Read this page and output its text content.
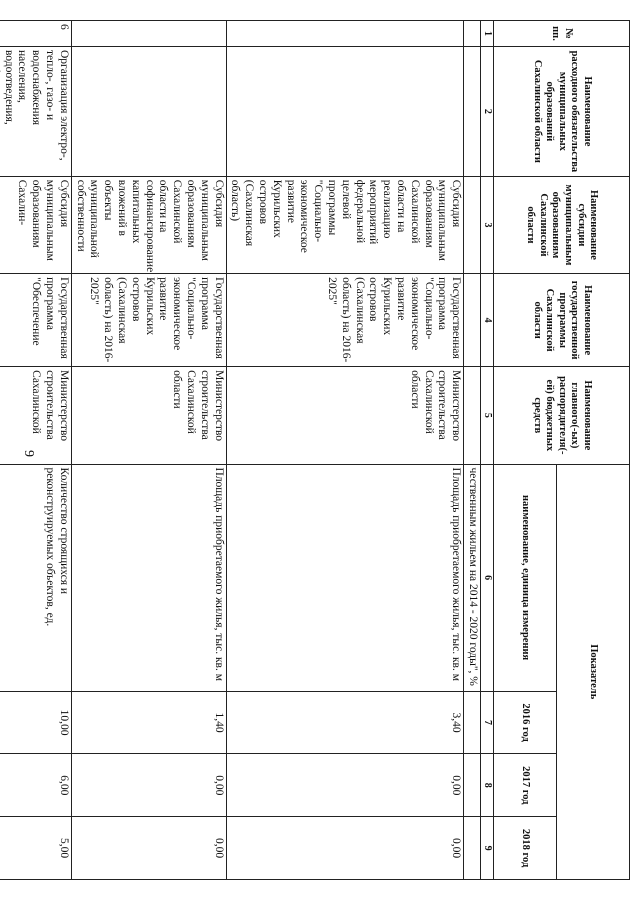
9
№ пп.	Наименование расходного обязательства муниципальных образований Сахалинской области	Наименование субсидии муниципальным образованиям Сахалинской области	Наименование государственной программы Сахалинской области	Наименование главного(-ых) распорядителя(-ей) бюджетных средств	Показатель			
					наименование, единица измерения	2016 год	2017 год	2018 год
1	2	3	4	5	6	7	8	9
					чественным жильем на 2014 - 2020 годы", %			
		Субсидия муниципальным образованиям Сахалинской области на реализацию мероприятий федеральной целевой программы "Социально-экономическое развитие Курильских островов (Сахалинская область)	Государственная программа "Социально-экономическое развитие Курильских островов (Сахалинская область) на 2016-2025"	Министерство строительства Сахалинской области	Площадь приобретаемого жилья, тыс. кв. м	3,40	0,00	0,00
		Субсидия муниципальным образованиям Сахалинской области на софинансирование капитальных вложений в объекты муниципальной собственности	Государственная программа "Социально-экономическое развитие Курильских островов (Сахалинская область) на 2016-2025"	Министерство строительства Сахалинской области	Площадь приобретаемого жилья, тыс. кв. м	1,40	0,00	0,00
6	Организация электро-, тепло-, газо- и водоснабжения населения, водоотведения,	Субсидия муниципальным образованиям Сахалин-	Государственная программа "Обеспечение	Министерство строительства Сахалинской	Количество строящихся и реконструируемых объектов, ед.	10,00	6,00	5,00
